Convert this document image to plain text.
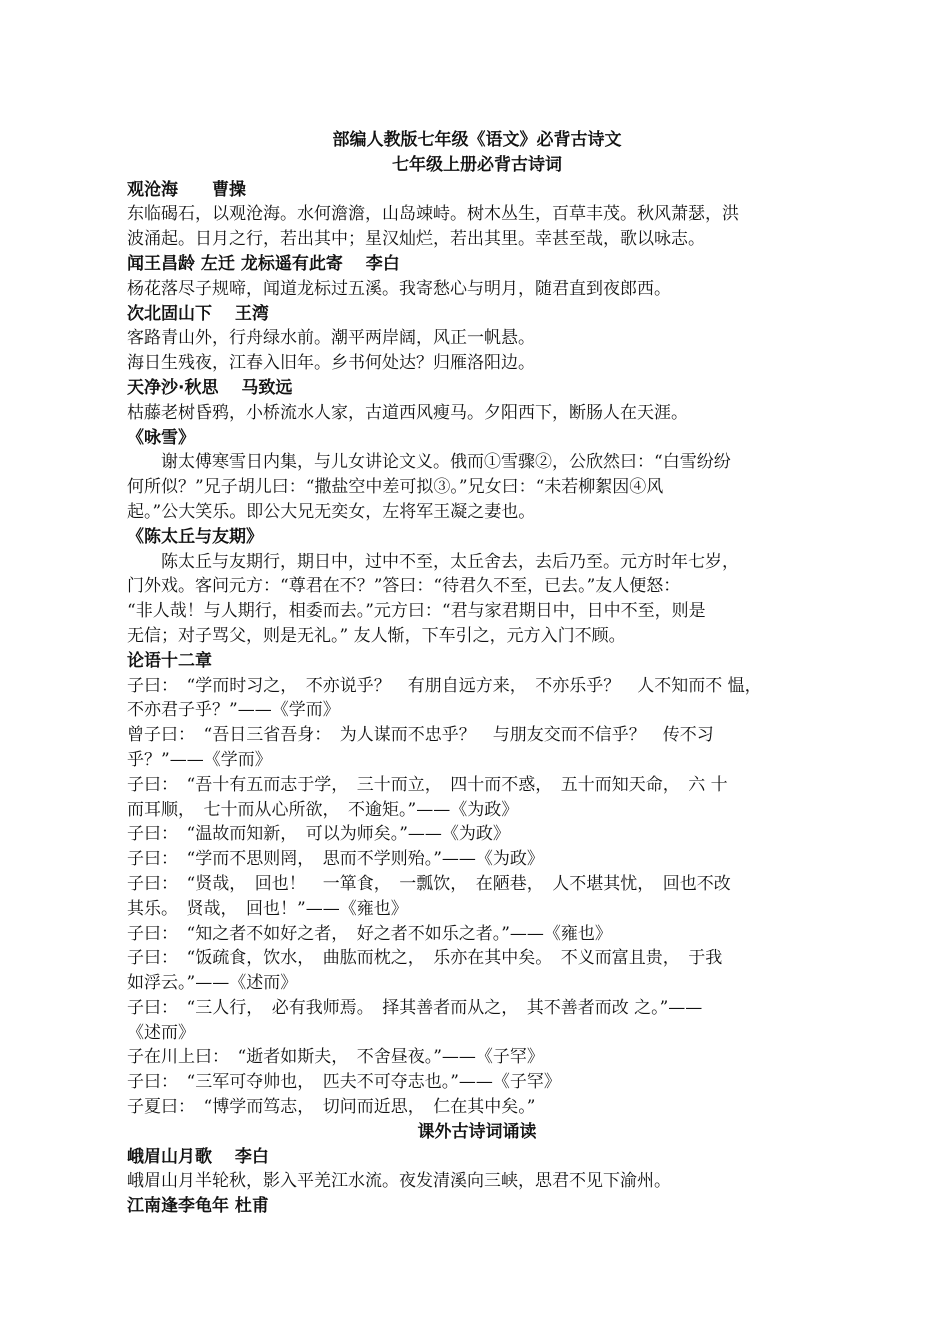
部编人教版七年级《语文》必背古诗文
七年级上册必背古诗词
观沧海　　曹操
东临碣石，以观沧海。水何澹澹，山岛竦峙。树木丛生，百草丰茂。秋风萧瑟，洪
波涌起。日月之行，若出其中；星汉灿烂，若出其里。幸甚至哉，歌以咏志。
闻王昌龄 左迁 龙标遥有此寄　 李白
杨花落尽子规啼，闻道龙标过五溪。我寄愁心与明月，随君直到夜郎西。
次北固山下　 王湾
客路青山外，行舟绿水前。潮平两岸阔，风正一帆悬。
海日生残夜，江春入旧年。乡书何处达？归雁洛阳边。
天净沙·秋思　 马致远
枯藤老树昏鸦，小桥流水人家，古道西风瘦马。夕阳西下，断肠人在天涯。
《咏雪》
谢太傅寒雪日内集，与儿女讲论文义。俄而①雪骤②，公欣然曰：“白雪纷纷
何所似？”兄子胡儿曰：“撒盐空中差可拟③。”兄女曰：“未若柳絮因④风
起。”公大笑乐。即公大兄无奕女，左将军王凝之妻也。
《陈太丘与友期》
陈太丘与友期行，期日中，过中不至，太丘舍去，去后乃至。元方时年七岁，
门外戏。客问元方：“尊君在不？”答曰：“待君久不至，已去。”友人便怒：
“非人哉！与人期行，相委而去。”元方曰：“君与家君期日中，日中不至，则是
无信；对子骂父，则是无礼。” 友人惭，下车引之，元方入门不顾。
论语十二章
子曰：　“学而时习之，　不亦说乎？　有朋自远方来，　不亦乐乎？　人不知而不 愠，
不亦君子乎？”——《学而》
曾子曰：　“吾日三省吾身：　为人谋而不忠乎？　与朋友交而不信乎？　传不习
乎？”——《学而》
子曰：　“吾十有五而志于学，　三十而立，　四十而不惑，　五十而知天命，　六 十
而耳顺，　七十而从心所欲，　不逾矩。”——《为政》
子曰：　“温故而知新，　可以为师矣。”——《为政》
子曰：　“学而不思则罔，　思而不学则殆。”——《为政》
子曰：　“贤哉，　回也！　一箪食，　一瓢饮，　在陋巷，　人不堪其忧，　回也不改
其乐。　贤哉，　回也！”——《雍也》
子曰：　“知之者不如好之者，　好之者不如乐之者。”——《雍也》
子曰：　“饭疏食，饮水，　曲肱而枕之，　乐亦在其中矣。　不义而富且贵，　于我
如浮云。”——《述而》
子曰：　“三人行，　必有我师焉。　择其善者而从之，　其不善者而改 之。”——
《述而》
子在川上曰：　“逝者如斯夫，　不舍昼夜。”——《子罕》
子曰：　“三军可夺帅也，　匹夫不可夺志也。”——《子罕》
子夏曰：　“博学而笃志，　切问而近思，　仁在其中矣。”
课外古诗词诵读
峨眉山月歌　 李白
峨眉山月半轮秋，影入平羌江水流。夜发清溪向三峡，思君不见下渝州。
江南逢李龟年 杜甫
